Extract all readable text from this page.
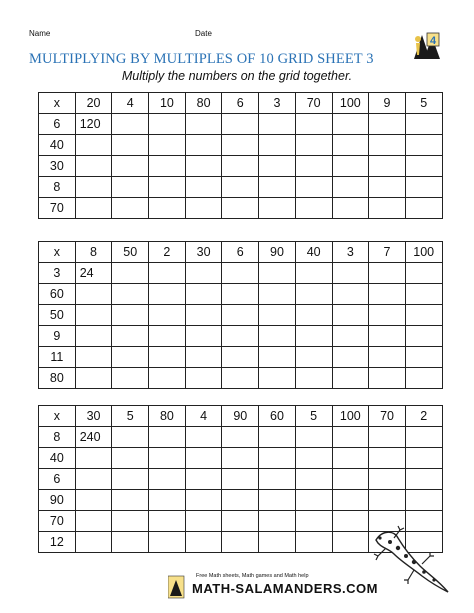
Name	Date
4
MULTIPLYING BY MULTIPLES OF 10 GRID SHEET 3
Multiply the numbers on the grid together.
x	20	4	10	80	6	3	70	100	9	5
6	120									
40										
30										
8										
70										
x	8	50	2	30	6	90	40	3	7	100
3	24									
60										
50										
9										
11										
80										
x	30	5	80	4	90	60	5	100	70	2
8	240									
40										
6										
90										
70										
12										
Free Math sheets, Math games and Math help
MATH-SALAMANDERS.COM
